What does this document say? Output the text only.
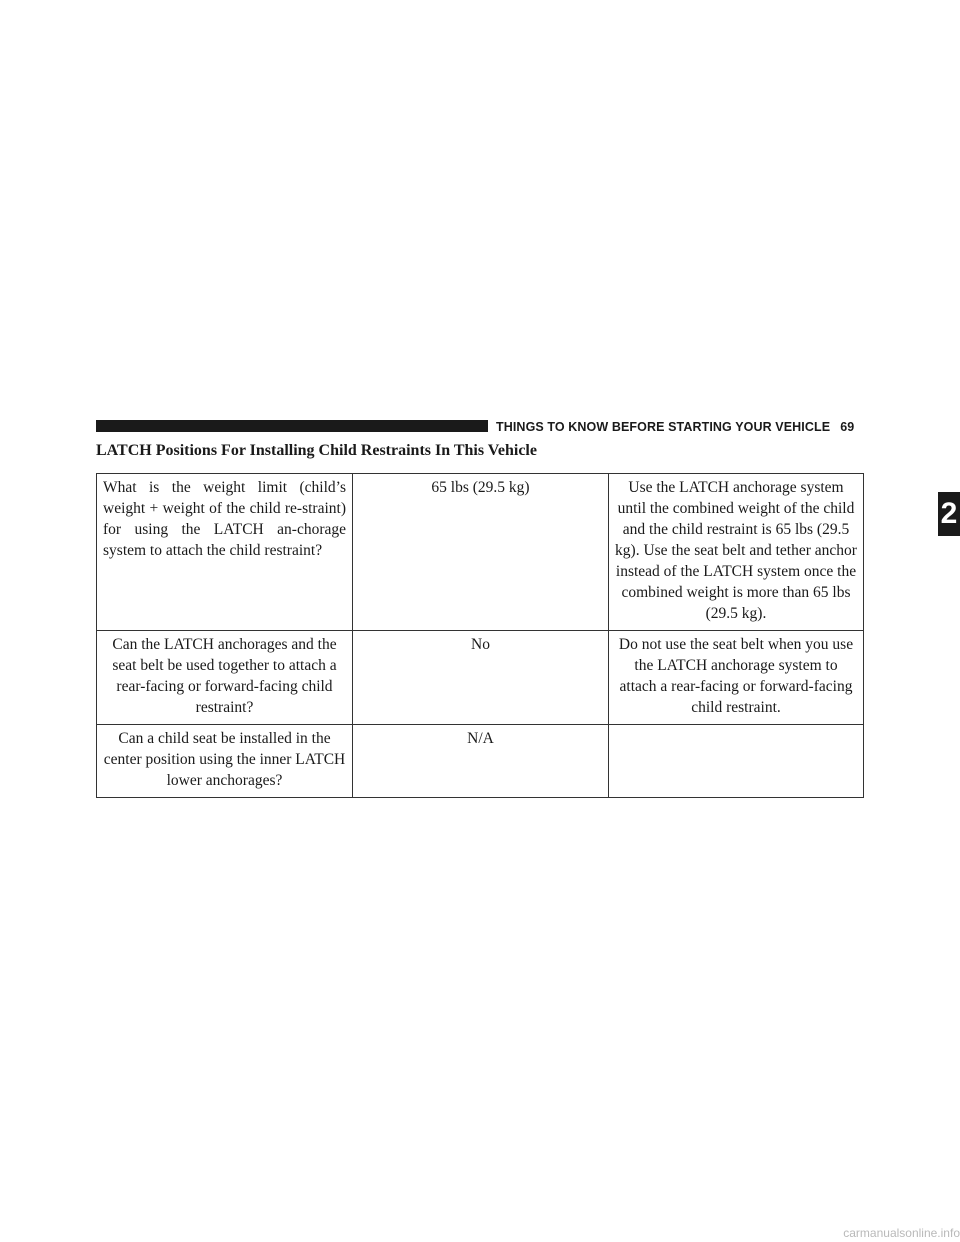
THINGS TO KNOW BEFORE STARTING YOUR VEHICLE 69
2
LATCH Positions For Installing Child Restraints In This Vehicle
What is the weight limit (child’s weight + weight of the child re-straint) for using the LATCH an-chorage system to attach the child restraint?	65 lbs (29.5 kg)	Use the LATCH anchorage system until the combined weight of the child and the child restraint is 65 lbs (29.5 kg). Use the seat belt and tether anchor instead of the LATCH system once the combined weight is more than 65 lbs (29.5 kg).
Can the LATCH anchorages and the seat belt be used together to attach a rear-facing or forward-facing child restraint?	No	Do not use the seat belt when you use the LATCH anchorage system to attach a rear-facing or forward-facing child restraint.
Can a child seat be installed in the center position using the inner LATCH lower anchorages?	N/A	
carmanualsonline.info
